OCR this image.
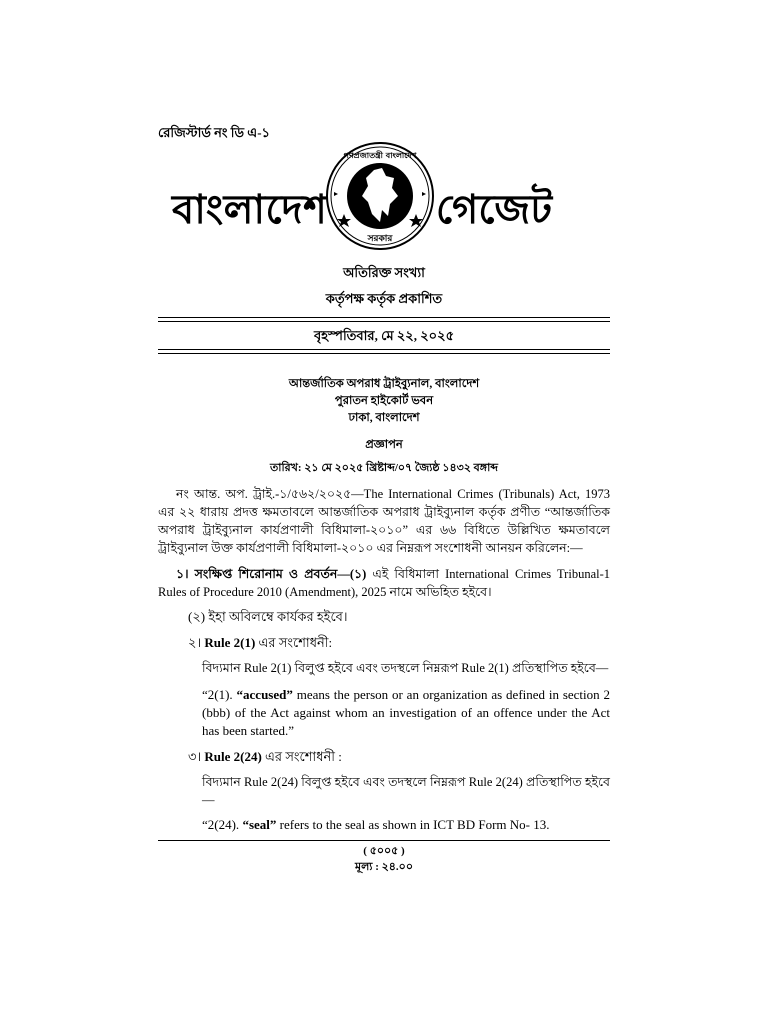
রেজিস্টার্ড নং ডি এ-১
বাংলাদেশ
গণপ্রজাতন্ত্রী বাংলাদেশ
সরকার
গেজেট
অতিরিক্ত সংখ্যা
কর্তৃপক্ষ কর্তৃক প্রকাশিত
বৃহস্পতিবার, মে ২২, ২০২৫
আন্তর্জাতিক অপরাধ ট্রাইব্যুনাল, বাংলাদেশ
পুরাতন হাইকোর্ট ভবন
ঢাকা, বাংলাদেশ
প্রজ্ঞাপন
তারিখ: ২১ মে ২০২৫ খ্রিষ্টাব্দ/০৭ জ্যৈষ্ঠ ১৪৩২ বঙ্গাব্দ
নং আন্ত. অপ. ট্রাই.-১/৫৬২/২০২৫—The International Crimes (Tribunals) Act, 1973 এর ২২ ধারায় প্রদত্ত ক্ষমতাবলে আন্তর্জাতিক অপরাধ ট্রাইব্যুনাল কর্তৃক প্রণীত “আন্তর্জাতিক অপরাধ ট্রাইব্যুনাল কার্যপ্রণালী বিধিমালা-২০১০” এর ৬৬ বিধিতে উল্লিখিত ক্ষমতাবলে ট্রাইব্যুনাল উক্ত কার্যপ্রণালী বিধিমালা-২০১০ এর নিম্নরূপ সংশোধনী আনয়ন করিলেন:—
১। সংক্ষিপ্ত শিরোনাম ও প্রবর্তন—(১) এই বিধিমালা International Crimes Tribunal-1 Rules of Procedure 2010 (Amendment), 2025 নামে অভিহিত হইবে।
(২) ইহা অবিলম্বে কার্যকর হইবে।
২। Rule 2(1) এর সংশোধনী:
বিদ্যমান Rule 2(1) বিলুপ্ত হইবে এবং তদস্থলে নিম্নরূপ Rule 2(1) প্রতিস্থাপিত হইবে—
“2(1). “accused” means the person or an organization as defined in section 2 (bbb) of the Act against whom an investigation of an offence under the Act has been started.”
৩। Rule 2(24) এর সংশোধনী :
বিদ্যমান Rule 2(24) বিলুপ্ত হইবে এবং তদস্থলে নিম্নরূপ Rule 2(24) প্রতিস্থাপিত হইবে—
“2(24). “seal” refers to the seal as shown in ICT BD Form No- 13.
( ৫০০৫ )
মূল্য : ২৪.০০
